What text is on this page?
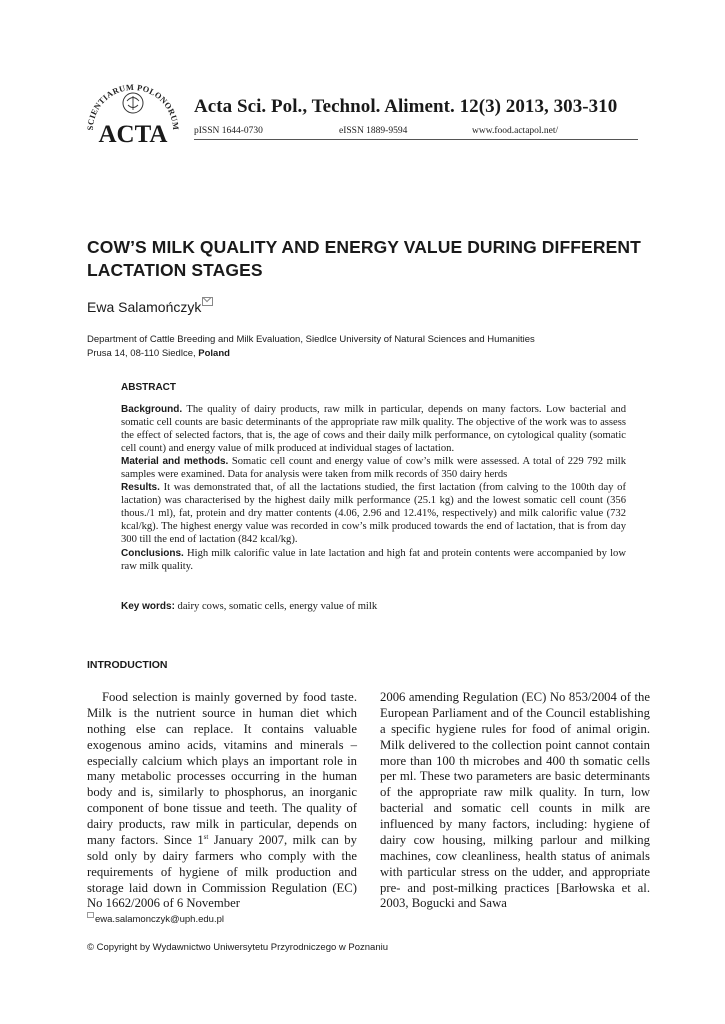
SCIENTIARUM POLONORUM
ACTA
Acta Sci. Pol., Technol. Aliment. 12(3) 2013, 303-310
pISSN 1644-0730	eISSN 1889-9594	www.food.actapol.net/
COW’S MILK QUALITY AND ENERGY VALUE DURING DIFFERENT LACTATION STAGES
Ewa Salamończyk
Department of Cattle Breeding and Milk Evaluation, Siedlce University of Natural Sciences and Humanities
Prusa 14, 08-110 Siedlce, Poland
ABSTRACT
Background. The quality of dairy products, raw milk in particular, depends on many factors. Low bacterial and somatic cell counts are basic determinants of the appropriate raw milk quality. The objective of the work was to assess the effect of selected factors, that is, the age of cows and their daily milk performance, on cytological quality (somatic cell count) and energy value of milk produced at individual stages of lactation.
Material and methods. Somatic cell count and energy value of cow’s milk were assessed. A total of 229 792 milk samples were examined. Data for analysis were taken from milk records of 350 dairy herds
Results. It was demonstrated that, of all the lactations studied, the first lactation (from calving to the 100th day of lactation) was characterised by the highest daily milk performance (25.1 kg) and the lowest somatic cell count (356 thous./1 ml), fat, protein and dry matter contents (4.06, 2.96 and 12.41%, respectively) and milk calorific value (732 kcal/kg). The highest energy value was recorded in cow’s milk produced towards the end of lactation, that is from day 300 till the end of lactation (842 kcal/kg).
Conclusions. High milk calorific value in late lactation and high fat and protein contents were accompanied by low raw milk quality.
Key words: dairy cows, somatic cells, energy value of milk
INTRODUCTION

Food selection is mainly governed by food taste. Milk is the nutrient source in human diet which nothing else can replace. It contains valuable exogenous amino acids, vitamins and minerals – especially calcium which plays an important role in many metabolic processes occurring in the human body and is, similarly to phosphorus, an inorganic component of bone tissue and teeth. The quality of dairy products, raw milk in particular, depends on many factors. Since 1st January 2007, milk can by sold only by dairy farmers who comply with the requirements of hygiene of milk production and storage laid down in Commission Regulation (EC) No 1662/2006 of 6 November

2006 amending Regulation (EC) No 853/2004 of the European Parliament and of the Council establishing a specific hygiene rules for food of animal origin. Milk delivered to the collection point cannot contain more than 100 th microbes and 400 th somatic cells per ml. These two parameters are basic determinants of the appropriate raw milk quality. In turn, low bacterial and somatic cell counts in milk are influenced by many factors, including: hygiene of dairy cow housing, milking parlour and milking machines, cow cleanliness, health status of animals with particular stress on the udder, and appropriate pre- and post-milking practices [Barłowska et al. 2003, Bogucki and Sawa

ewa.salamonczyk@uph.edu.pl
© Copyright by Wydawnictwo Uniwersytetu Przyrodniczego w Poznaniu
